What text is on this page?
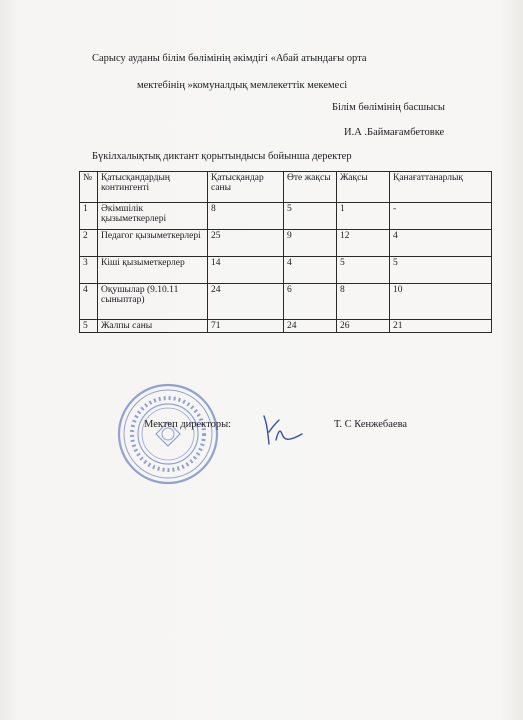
Сарысу ауданы білім бөлімінің әкімдігі «Абай атындағы орта
мектебінің »комуналдық мемлекеттік мекемесі
Білім бөлімінің басшысы
И.А .Баймағамбетовке
Бүкілхалықтық диктант қорытындысы бойынша деректер
№	Қатысқандардың контингенті	Қатысқандар саны	Өте жақсы	Жақсы	Қанағаттанарлық
1	Әкімшілік қызыметкерлері	8	5	1	-
2	Педагог қызыметкерлері	25	9	12	4
3	Кіші қызыметкерлер	14	4	5	5
4	Оқушылар (9.10.11 сыныптар)	24	6	8	10
5	Жалпы саны	71	24	26	21
Мектеп директоры:	Т. С Кенжебаева
